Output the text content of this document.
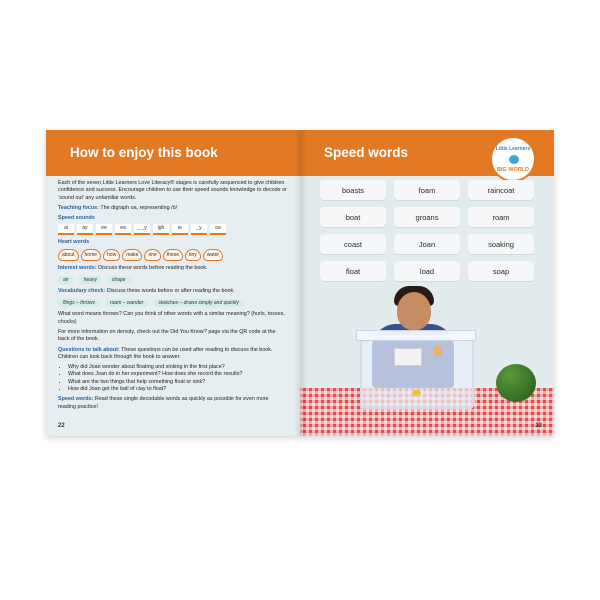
How to enjoy this book

Each of the seven Little Learners Love Literacy® stages is carefully sequenced to give children confidence and success. Encourage children to use their speed sounds knowledge to decode or ‘sound out’ any unfamiliar words.

Teaching focus: The digraph oa, representing /ō/

Speed sounds
ai	ay	ee	ea	_ _y	igh	ie	_y	oa
Heart words
about	home	how	make	one	these	tiny	water

Interest words: Discuss these words before reading the book.

air	heavy	shape

Vocabulary check: Discuss these words before or after reading the book.

flings – throws	roam – wander	sketches – draws simply and quickly

What word means throws? Can you think of other words with a similar meaning? (hurls, tosses, chucks)

For more information on density, check out the Did You Know? page via the QR code at the back of the book.

Questions to talk about: These questions can be used after reading to discuss the book. Children can look back through the book to answer.

• Why did Joan wonder about floating and sinking in the first place?
• What does Joan do in her experiment? How does she record the results?
• What are the two things that help something float or sink?
• How did Joan get the ball of clay to float?

Speed words: Read these single decodable words as quickly as possible for even more reading practice!

22
Speed words	Little Learners
BIG WORLD
boasts	foam	raincoat
boat	groans	roam
coast	Joan	soaking
float	load	soap
23
